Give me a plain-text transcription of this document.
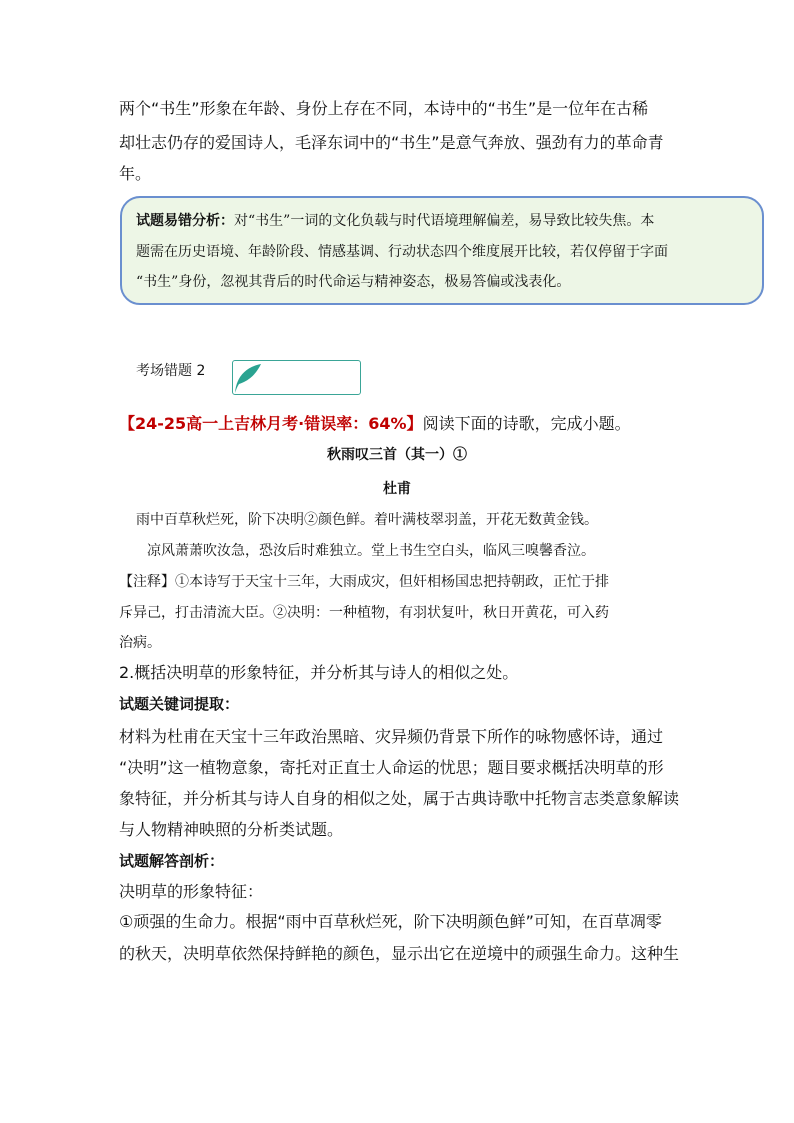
两个“书生”形象在年龄、身份上存在不同，本诗中的“书生”是一位年在古稀
却壮志仍存的爱国诗人，毛泽东词中的“书生”是意气奔放、强劲有力的革命青
年。
试题易错分析：对“书生”一词的文化负载与时代语境理解偏差，易导致比较失焦。本
题需在历史语境、年龄阶段、情感基调、行动状态四个维度展开比较，若仅停留于字面
“书生”身份，忽视其背后的时代命运与精神姿态，极易答偏或浅表化。
考场错题 2
【24-25高一上吉林月考·错误率：64%】阅读下面的诗歌，完成小题。
秋雨叹三首（其一）①
杜甫
雨中百草秋烂死，阶下决明②颜色鲜。着叶满枝翠羽盖，开花无数黄金钱。
凉风萧萧吹汝急，恐汝后时难独立。堂上书生空白头，临风三嗅馨香泣。
【注释】①本诗写于天宝十三年，大雨成灾，但奸相杨国忠把持朝政，正忙于排
斥异己，打击清流大臣。②决明：一种植物，有羽状复叶，秋日开黄花，可入药
治病。
2.概括决明草的形象特征，并分析其与诗人的相似之处。
试题关键词提取：
材料为杜甫在天宝十三年政治黑暗、灾异频仍背景下所作的咏物感怀诗，通过
“决明”这一植物意象，寄托对正直士人命运的忧思；题目要求概括决明草的形
象特征，并分析其与诗人自身的相似之处，属于古典诗歌中托物言志类意象解读
与人物精神映照的分析类试题。
试题解答剖析：
决明草的形象特征：
①顽强的生命力。根据“雨中百草秋烂死，阶下决明颜色鲜”可知，在百草凋零
的秋天，决明草依然保持鲜艳的颜色，显示出它在逆境中的顽强生命力。这种生
